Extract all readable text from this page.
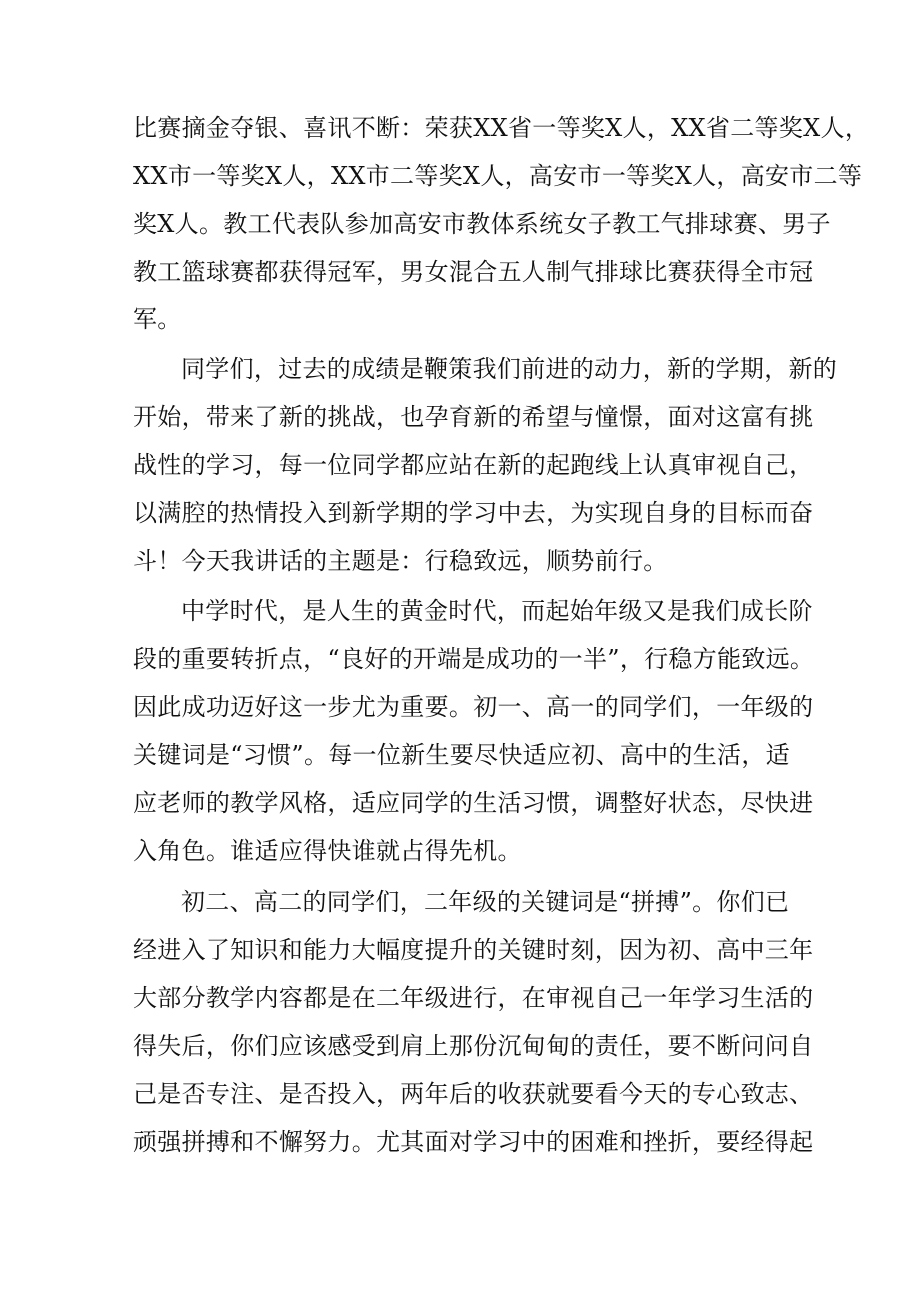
比赛摘金夺银、喜讯不断：荣获XX省一等奖X人，XX省二等奖X人，
XX市一等奖X人，XX市二等奖X人，高安市一等奖X人，高安市二等
奖X人。教工代表队参加高安市教体系统女子教工气排球赛、男子
教工篮球赛都获得冠军，男女混合五人制气排球比赛获得全市冠
军。
同学们，过去的成绩是鞭策我们前进的动力，新的学期，新的
开始，带来了新的挑战，也孕育新的希望与憧憬，面对这富有挑
战性的学习，每一位同学都应站在新的起跑线上认真审视自己，
以满腔的热情投入到新学期的学习中去，为实现自身的目标而奋
斗！今天我讲话的主题是：行稳致远，顺势前行。
中学时代，是人生的黄金时代，而起始年级又是我们成长阶
段的重要转折点，“良好的开端是成功的一半”，行稳方能致远。
因此成功迈好这一步尤为重要。初一、高一的同学们，一年级的
关键词是“习惯”。每一位新生要尽快适应初、高中的生活，适
应老师的教学风格，适应同学的生活习惯，调整好状态，尽快进
入角色。谁适应得快谁就占得先机。
初二、高二的同学们，二年级的关键词是“拼搏”。你们已
经进入了知识和能力大幅度提升的关键时刻，因为初、高中三年
大部分教学内容都是在二年级进行，在审视自己一年学习生活的
得失后，你们应该感受到肩上那份沉甸甸的责任，要不断问问自
己是否专注、是否投入，两年后的收获就要看今天的专心致志、
顽强拼搏和不懈努力。尤其面对学习中的困难和挫折，要经得起
